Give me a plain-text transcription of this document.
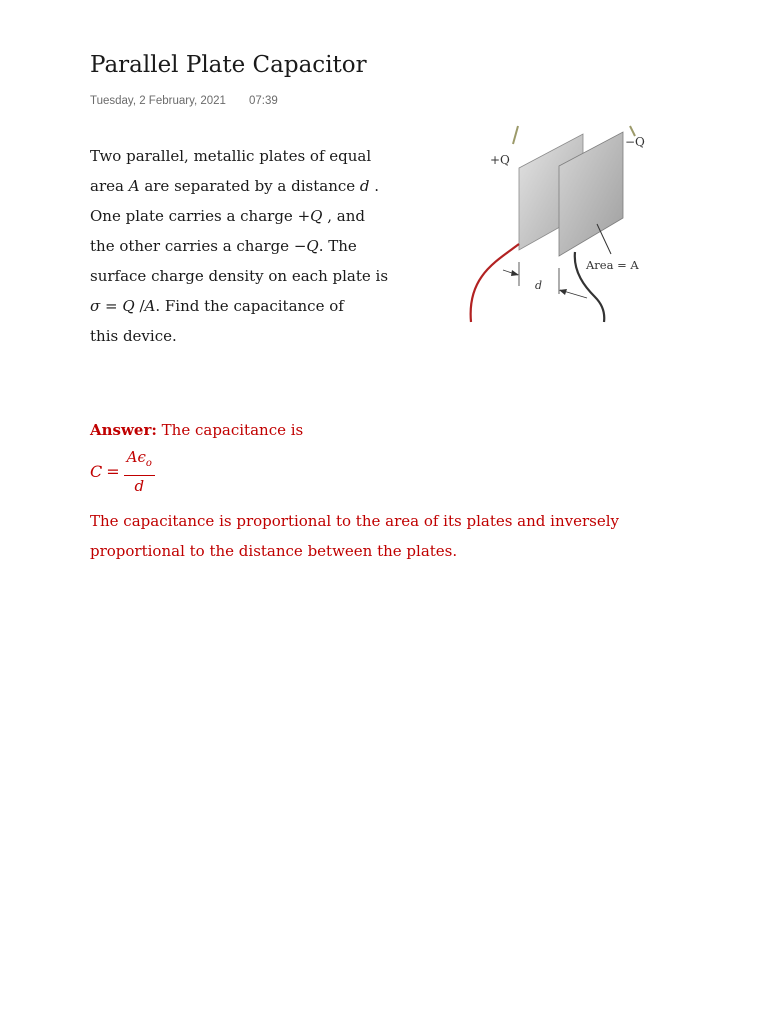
Parallel Plate Capacitor
Tuesday, 2 February, 2021 07:39
Two parallel, metallic plates of equal
area A are separated by a distance d .
One plate carries a charge +Q , and
the other carries a charge −Q. The
surface charge density on each plate is
σ = Q /A. Find the capacitance of
this device.
+Q
−Q
Area = A
d
Answer: The capacitance is
$C = \frac{A\epsilon_o}{d}$
The capacitance is proportional to the area of its plates and inversely
proportional to the distance between the plates.
